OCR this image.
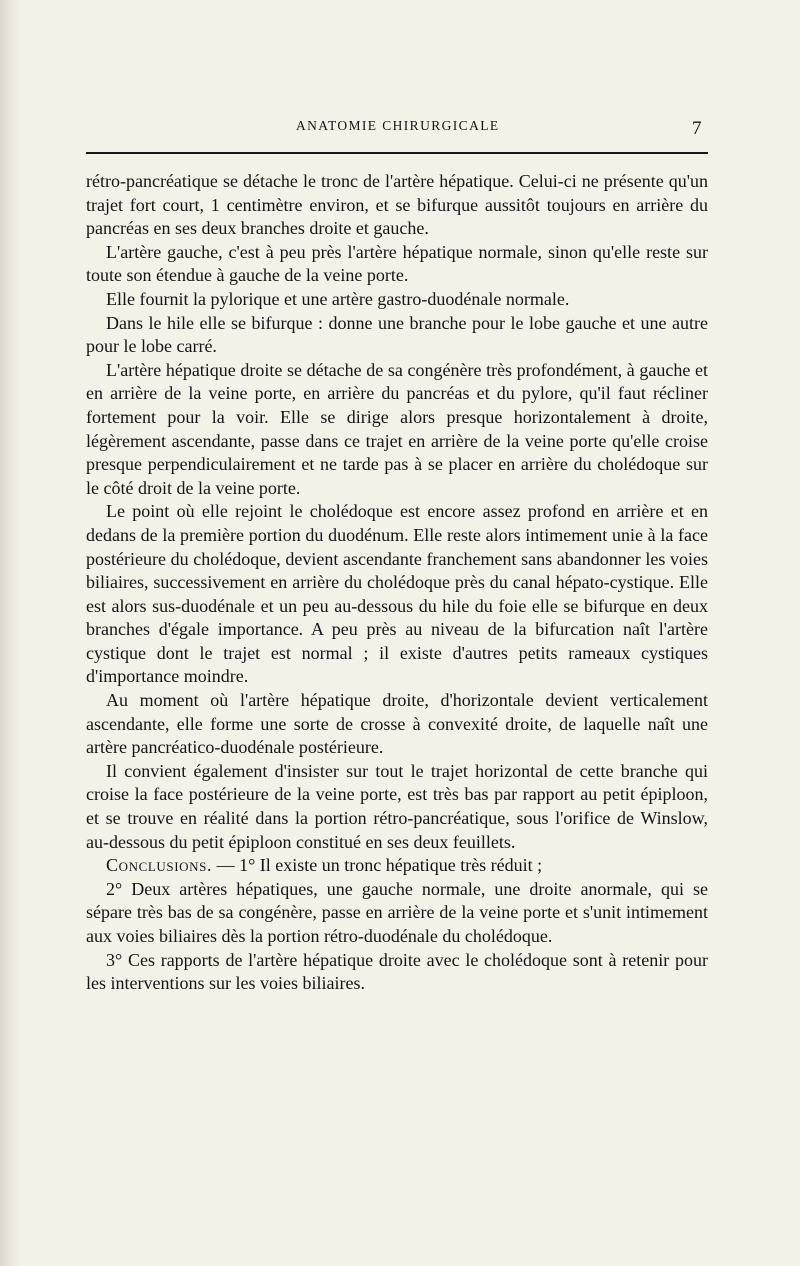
ANATOMIE CHIRURGICALE	7

rétro-pancréatique se détache le tronc de l'artère hépatique. Celui-ci ne présente qu'un trajet fort court, 1 centimètre environ, et se bifurque aussitôt toujours en arrière du pancréas en ses deux branches droite et gauche.

L'artère gauche, c'est à peu près l'artère hépatique normale, sinon qu'elle reste sur toute son étendue à gauche de la veine porte.

Elle fournit la pylorique et une artère gastro-duodénale normale.

Dans le hile elle se bifurque : donne une branche pour le lobe gauche et une autre pour le lobe carré.

L'artère hépatique droite se détache de sa congénère très profondément, à gauche et en arrière de la veine porte, en arrière du pancréas et du pylore, qu'il faut récliner fortement pour la voir. Elle se dirige alors presque horizontalement à droite, légèrement ascendante, passe dans ce trajet en arrière de la veine porte qu'elle croise presque perpendiculairement et ne tarde pas à se placer en arrière du cholédoque sur le côté droit de la veine porte.

Le point où elle rejoint le cholédoque est encore assez profond en arrière et en dedans de la première portion du duodénum. Elle reste alors intimement unie à la face postérieure du cholédoque, devient ascendante franchement sans abandonner les voies biliaires, successivement en arrière du cholédoque près du canal hépato-cystique. Elle est alors sus-duodénale et un peu au-dessous du hile du foie elle se bifurque en deux branches d'égale importance. A peu près au niveau de la bifurcation naît l'artère cystique dont le trajet est normal ; il existe d'autres petits rameaux cystiques d'importance moindre.

Au moment où l'artère hépatique droite, d'horizontale devient verticalement ascendante, elle forme une sorte de crosse à convexité droite, de laquelle naît une artère pancréatico-duodénale postérieure.

Il convient également d'insister sur tout le trajet horizontal de cette branche qui croise la face postérieure de la veine porte, est très bas par rapport au petit épiploon, et se trouve en réalité dans la portion rétro-pancréatique, sous l'orifice de Winslow, au-dessous du petit épiploon constitué en ses deux feuillets.

Conclusions. — 1° Il existe un tronc hépatique très réduit ;

2° Deux artères hépatiques, une gauche normale, une droite anormale, qui se sépare très bas de sa congénère, passe en arrière de la veine porte et s'unit intimement aux voies biliaires dès la portion rétro-duodénale du cholédoque.

3° Ces rapports de l'artère hépatique droite avec le cholédoque sont à retenir pour les interventions sur les voies biliaires.
